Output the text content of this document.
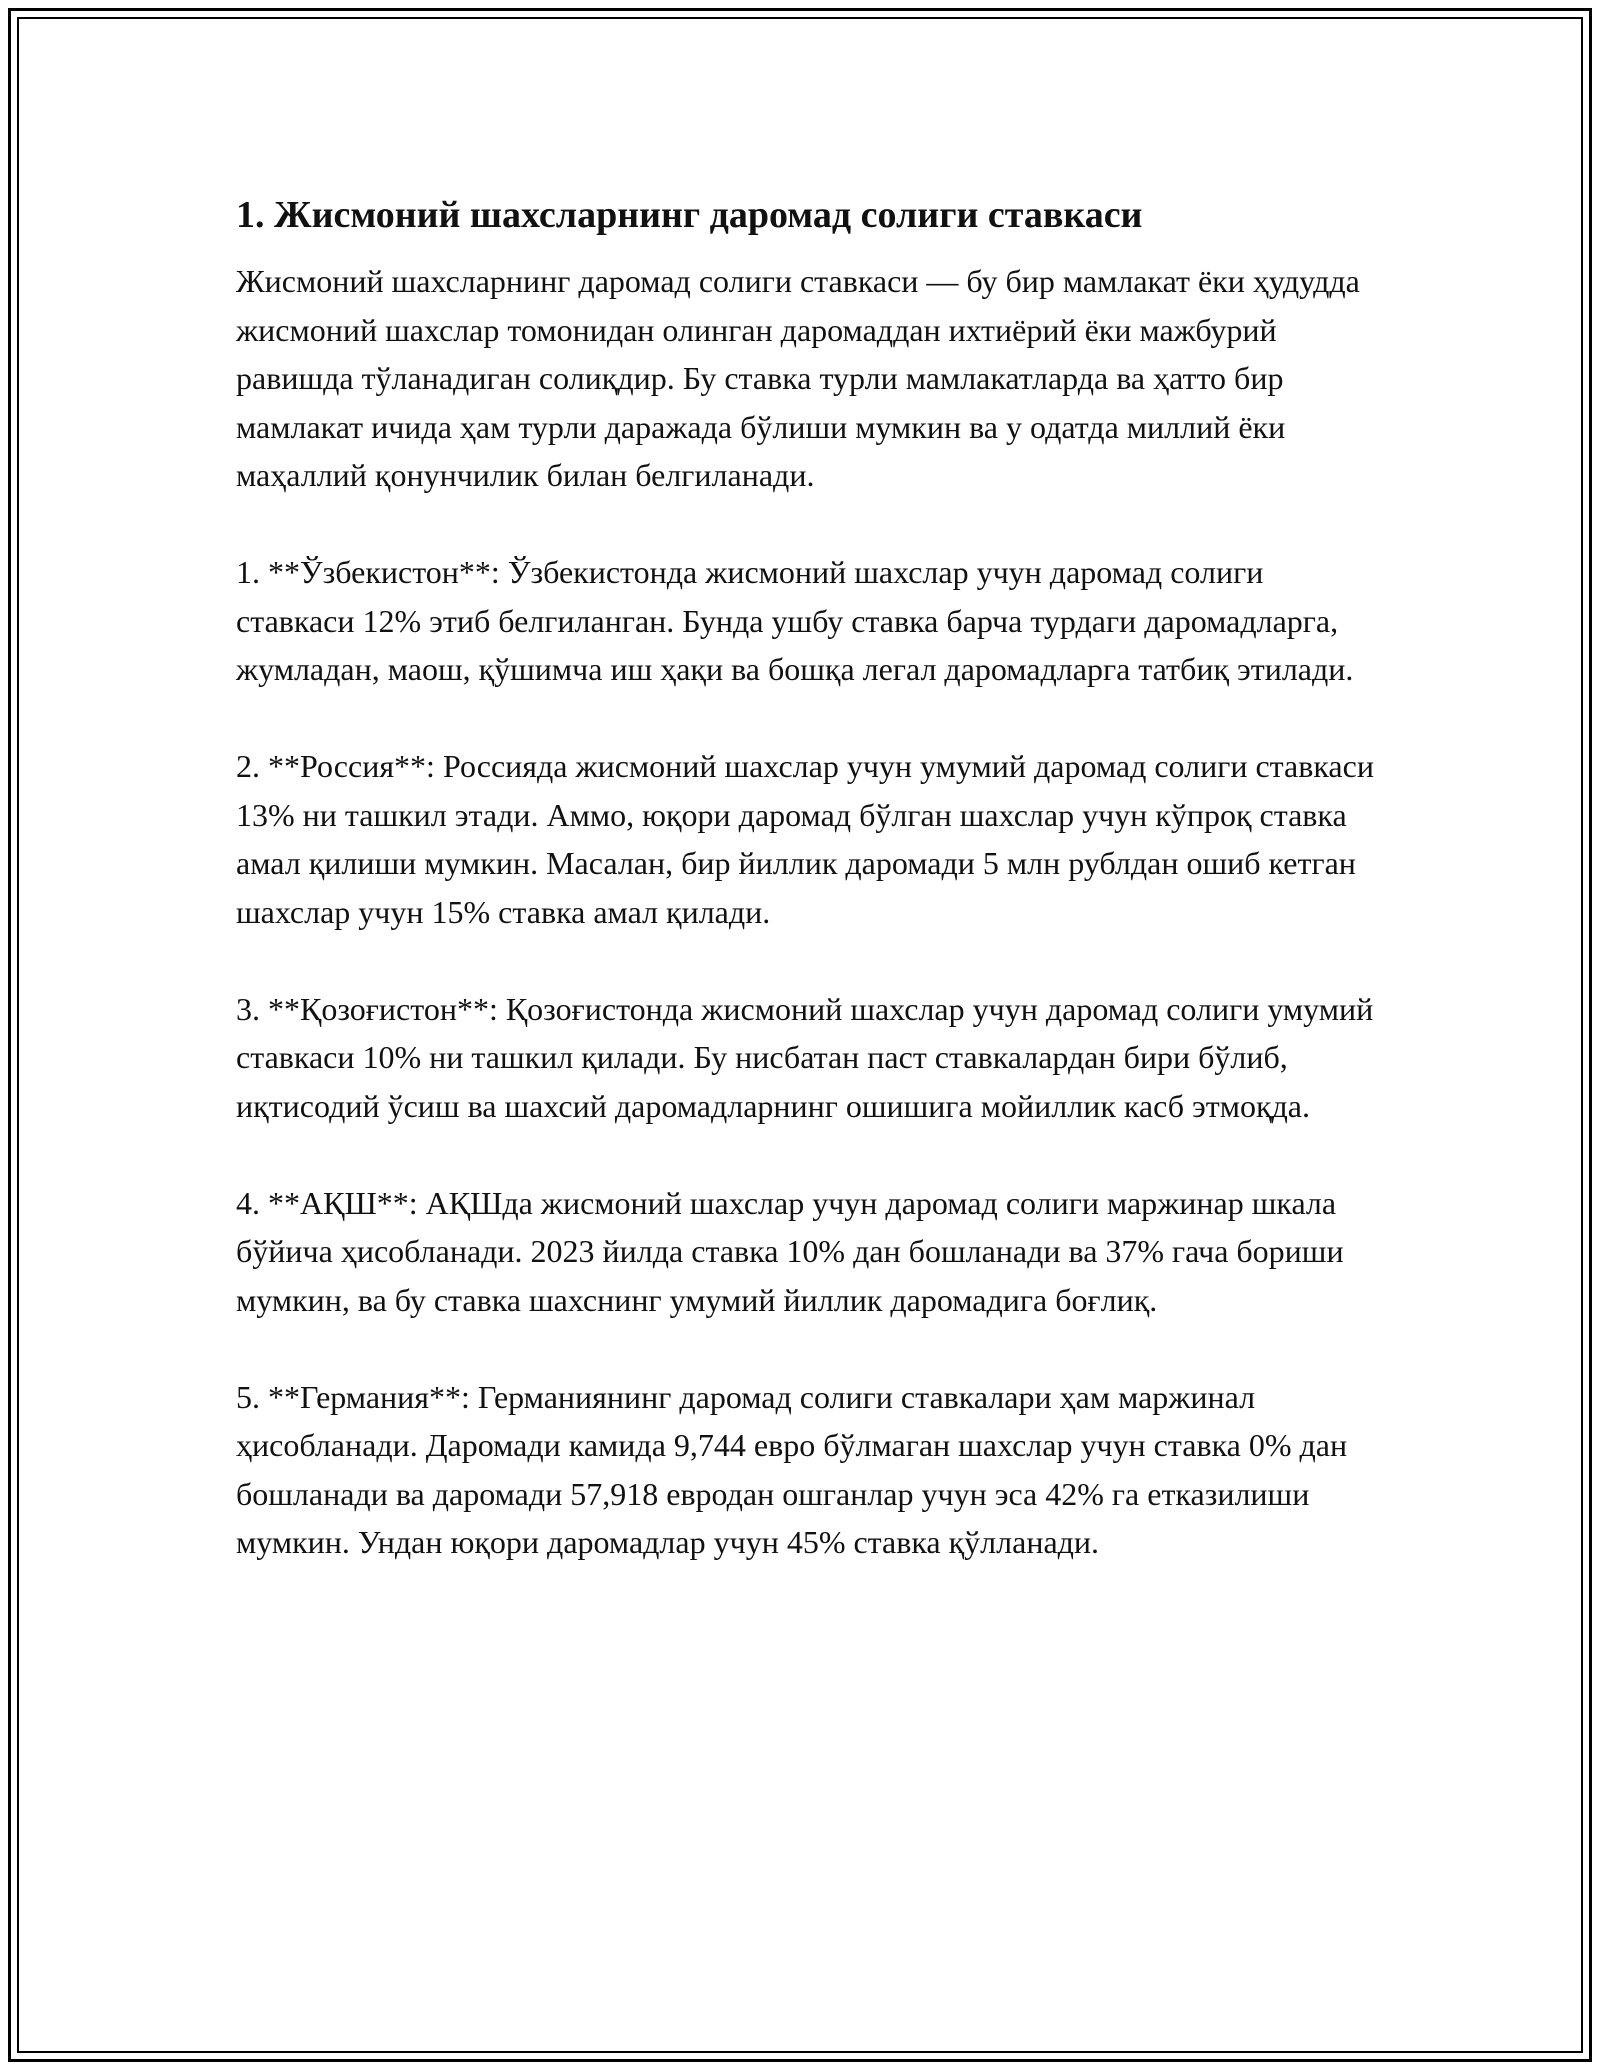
1. Жисмоний шахсларнинг даромад солиги ставкаси

Жисмоний шахсларнинг даромад солиги ставкаси — бу бир мамлакат ёки ҳудудда жисмоний шахслар томонидан олинган даромаддан ихтиёрий ёки мажбурий равишда тўланадиган солиқдир. Бу ставка турли мамлакатларда ва ҳатто бир мамлакат ичида ҳам турли даражада бўлиши мумкин ва у одатда миллий ёки маҳаллий қонунчилик билан белгиланади.

1. **Ўзбекистон**: Ўзбекистонда жисмоний шахслар учун даромад солиги ставкаси 12% этиб белгиланган. Бунда ушбу ставка барча турдаги даромадларга, жумладан, маош, қўшимча иш ҳақи ва бошқа легал даромадларга татбиқ этилади.

2. **Россия**: Россияда жисмоний шахслар учун умумий даромад солиги ставкаси 13% ни ташкил этади. Аммо, юқори даромад бўлган шахслар учун кўпроқ ставка амал қилиши мумкин. Масалан, бир йиллик даромади 5 млн рублдан ошиб кетган шахслар учун 15% ставка амал қилади.

3. **Қозоғистон**: Қозоғистонда жисмоний шахслар учун даромад солиги умумий ставкаси 10% ни ташкил қилади. Бу нисбатан паст ставкалардан бири бўлиб, иқтисодий ўсиш ва шахсий даромадларнинг ошишига мойиллик касб этмоқда.

4. **АҚШ**: АҚШда жисмоний шахслар учун даромад солиги маржинар шкала бўйича ҳисобланади. 2023 йилда ставка 10% дан бошланади ва 37% гача бориши мумкин, ва бу ставка шахснинг умумий йиллик даромадига боғлиқ.

5. **Германия**: Германиянинг даромад солиги ставкалари ҳам маржинал ҳисобланади. Даромади камида 9,744 евро бўлмаган шахслар учун ставка 0% дан бошланади ва даромади 57,918 евродан ошганлар учун эса 42% га етказилиши мумкин. Ундан юқори даромадлар учун 45% ставка қўлланади.
